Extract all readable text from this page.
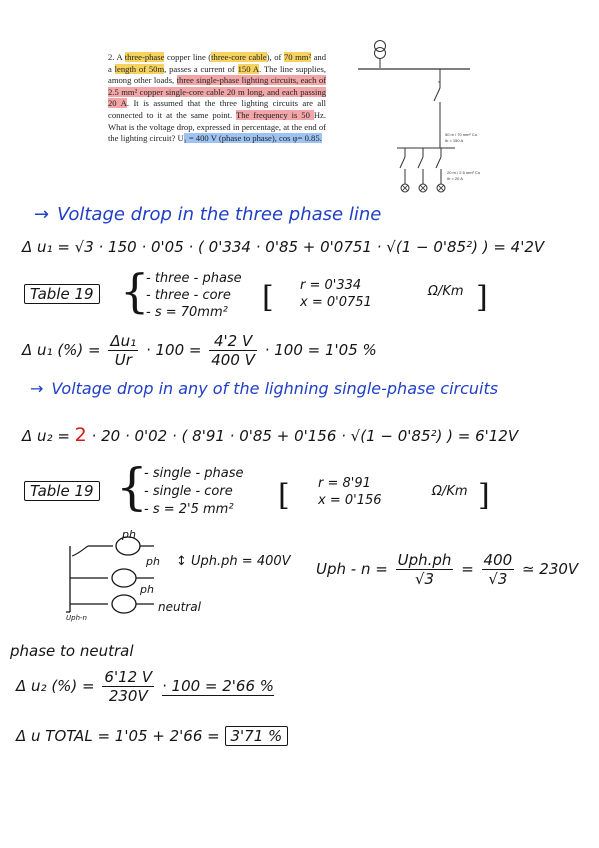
2. A three-phase copper line (three-core cable), of 70 mm² and a length of 50m, passes a current of 150 A. The line supplies, among other loads, three single-phase lighting circuits, each of 2.5 mm² copper single-core cable 20 m long, and each passing 20 A. It is assumed that the three lighting circuits are all connected to it at the same point. The frequency is 50 Hz. What is the voltage drop, expressed in percentage, at the end of the lighting circuit? U₁ = 400 V (phase to phase), cos φ= 0.85.

x
50 m / 70 mm² Cu
Ib = 150 A
20 m / 2.5 mm² Cu
Ib = 20 A
→ Voltage drop in the three phase line
Δ u₁ = √3 · 150 · 0'05 · ( 0'334 · 0'85 + 0'0751 · √(1 − 0'85²) ) = 4'2V
Table 19 {
- three - phase
- three - core
- s = 70mm²	[ r = 0'334
x = 0'0751
Ω/Km ]
Δ u₁ (%) = $\frac{\text{Δu₁}}{Ur} \cdot 100 = \frac{4'2 V}{400 V} \cdot 100 = 1'05$ %
→ Voltage drop in any of the lighning single-phase circuits
Δ u₂ = 2 · 20 · 0'02 · ( 8'91 · 0'85 + 0'156 · √(1 − 0'85²) ) = 6'12V
Table 19 {
- single - phase
- single - core
- s = 2'5 mm²	[ r = 8'91
x = 0'156
Ω/Km ]
ph
ph
ph
↕ Uph.ph = 400V
neutral
Uph-n
Uph - $n = \frac{\text{Uph.ph}}{√3} = \frac{400}{√3}$ ≃ 230V
phase to neutral
Δ u₂ (%) = $\frac{6'12 V}{230V} \cdot 100 = 2'66$ %
Δ u TOTAL = 1'05 + 2'66 = 3'71 %
